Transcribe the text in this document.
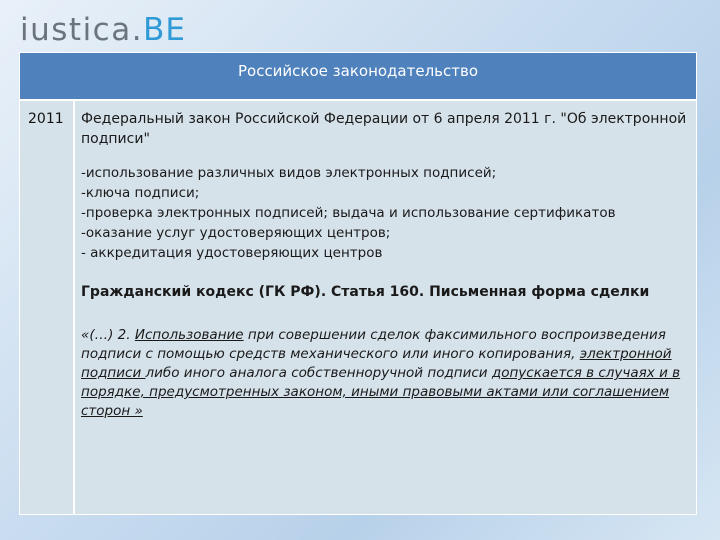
iustica.BE
Российское законодательство
2011 Федеральный закон Российской Федерации от 6 апреля 2011 г. "Об электронной подписи"

-использование различных видов электронных подписей;
-ключа подписи;
-проверка электронных подписей; выдача и использование сертификатов
-оказание услуг удостоверяющих центров;
- аккредитация удостоверяющих центров

Гражданский кодекс (ГК РФ). Статья 160. Письменная форма сделки

«(…) 2. Использование при совершении сделок факсимильного воспроизведения подписи с помощью средств механического или иного копирования, электронной подписи либо иного аналога собственноручной подписи допускается в случаях и в порядке, предусмотренных законом, иными правовыми актами или соглашением сторон »
